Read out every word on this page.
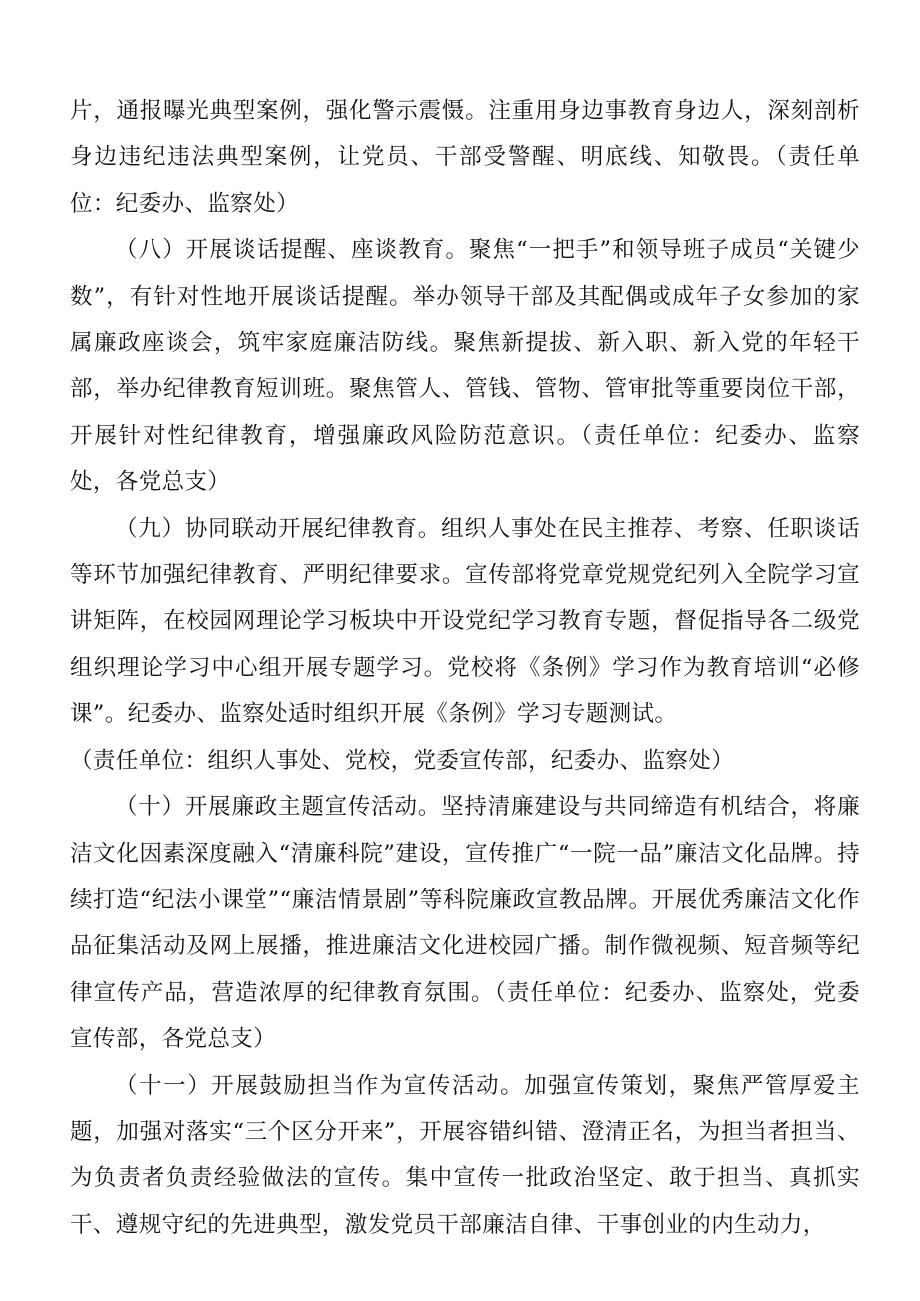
片，通报曝光典型案例，强化警示震慑。注重用身边事教育身边人，深刻剖析身边违纪违法典型案例，让党员、干部受警醒、明底线、知敬畏。（责任单位：纪委办、监察处）

（八）开展谈话提醒、座谈教育。聚焦“一把手”和领导班子成员“关键少数”，有针对性地开展谈话提醒。举办领导干部及其配偶或成年子女参加的家属廉政座谈会，筑牢家庭廉洁防线。聚焦新提拔、新入职、新入党的年轻干部，举办纪律教育短训班。聚焦管人、管钱、管物、管审批等重要岗位干部，开展针对性纪律教育，增强廉政风险防范意识。（责任单位：纪委办、监察处，各党总支）

（九）协同联动开展纪律教育。组织人事处在民主推荐、考察、任职谈话等环节加强纪律教育、严明纪律要求。宣传部将党章党规党纪列入全院学习宣讲矩阵，在校园网理论学习板块中开设党纪学习教育专题，督促指导各二级党组织理论学习中心组开展专题学习。党校将《条例》学习作为教育培训“必修课”。纪委办、监察处适时组织开展《条例》学习专题测试。

（责任单位：组织人事处、党校，党委宣传部，纪委办、监察处）

（十）开展廉政主题宣传活动。坚持清廉建设与共同缔造有机结合，将廉洁文化因素深度融入“清廉科院”建设，宣传推广“一院一品”廉洁文化品牌。持续打造“纪法小课堂”“廉洁情景剧”等科院廉政宣教品牌。开展优秀廉洁文化作品征集活动及网上展播，推进廉洁文化进校园广播。制作微视频、短音频等纪律宣传产品，营造浓厚的纪律教育氛围。（责任单位：纪委办、监察处，党委宣传部，各党总支）

（十一）开展鼓励担当作为宣传活动。加强宣传策划，聚焦严管厚爱主题，加强对落实“三个区分开来”，开展容错纠错、澄清正名，为担当者担当、为负责者负责经验做法的宣传。集中宣传一批政治坚定、敢于担当、真抓实干、遵规守纪的先进典型，激发党员干部廉洁自律、干事创业的内生动力，
